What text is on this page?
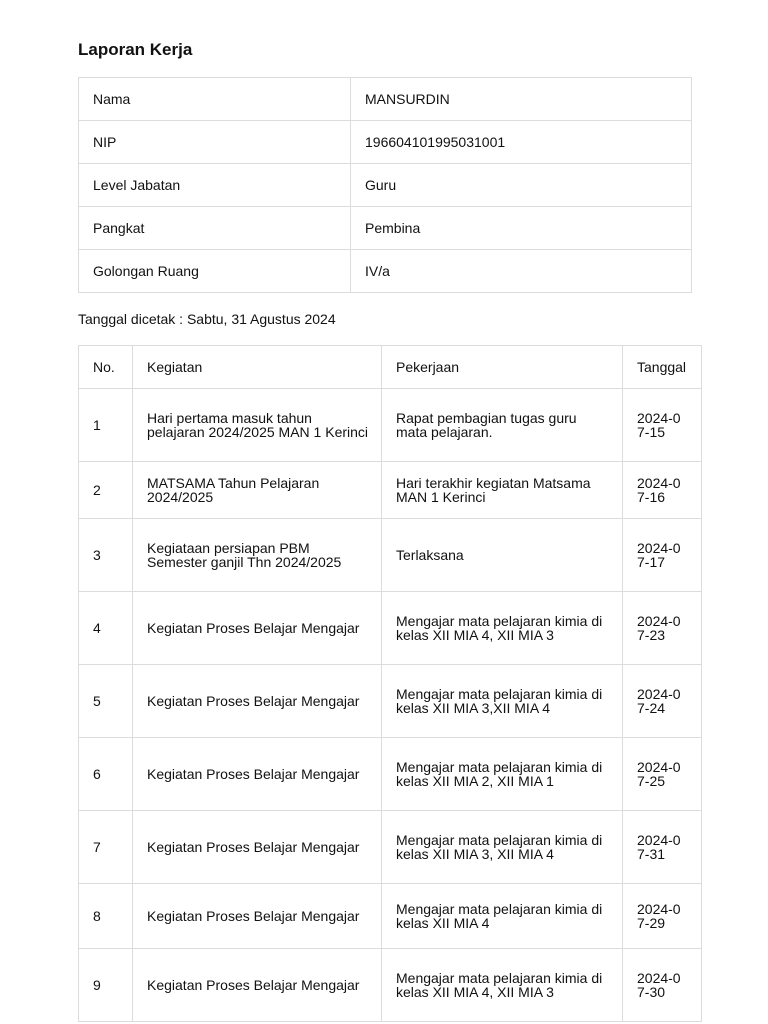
Laporan Kerja
Nama	MANSURDIN
NIP	196604101995031001
Level Jabatan	Guru
Pangkat	Pembina
Golongan Ruang	IV/a
Tanggal dicetak : Sabtu, 31 Agustus 2024
No.	Kegiatan	Pekerjaan	Tanggal
1	Hari pertama masuk tahun pelajaran 2024/2025 MAN 1 Kerinci	Rapat pembagian tugas guru mata pelajaran.	2024-07-15
2	MATSAMA Tahun Pelajaran 2024/2025	Hari terakhir kegiatan Matsama MAN 1 Kerinci	2024-07-16
3	Kegiataan persiapan PBM Semester ganjil Thn 2024/2025	Terlaksana	2024-07-17
4	Kegiatan Proses Belajar Mengajar	Mengajar mata pelajaran kimia di kelas XII MIA 4, XII MIA 3	2024-07-23
5	Kegiatan Proses Belajar Mengajar	Mengajar mata pelajaran kimia di kelas XII MIA 3,XII MIA 4	2024-07-24
6	Kegiatan Proses Belajar Mengajar	Mengajar mata pelajaran kimia di kelas XII MIA 2, XII MIA 1	2024-07-25
7	Kegiatan Proses Belajar Mengajar	Mengajar mata pelajaran kimia di kelas XII MIA 3, XII MIA 4	2024-07-31
8	Kegiatan Proses Belajar Mengajar	Mengajar mata pelajaran kimia di kelas XII MIA 4	2024-07-29
9	Kegiatan Proses Belajar Mengajar	Mengajar mata pelajaran kimia di kelas XII MIA 4, XII MIA 3	2024-07-30
